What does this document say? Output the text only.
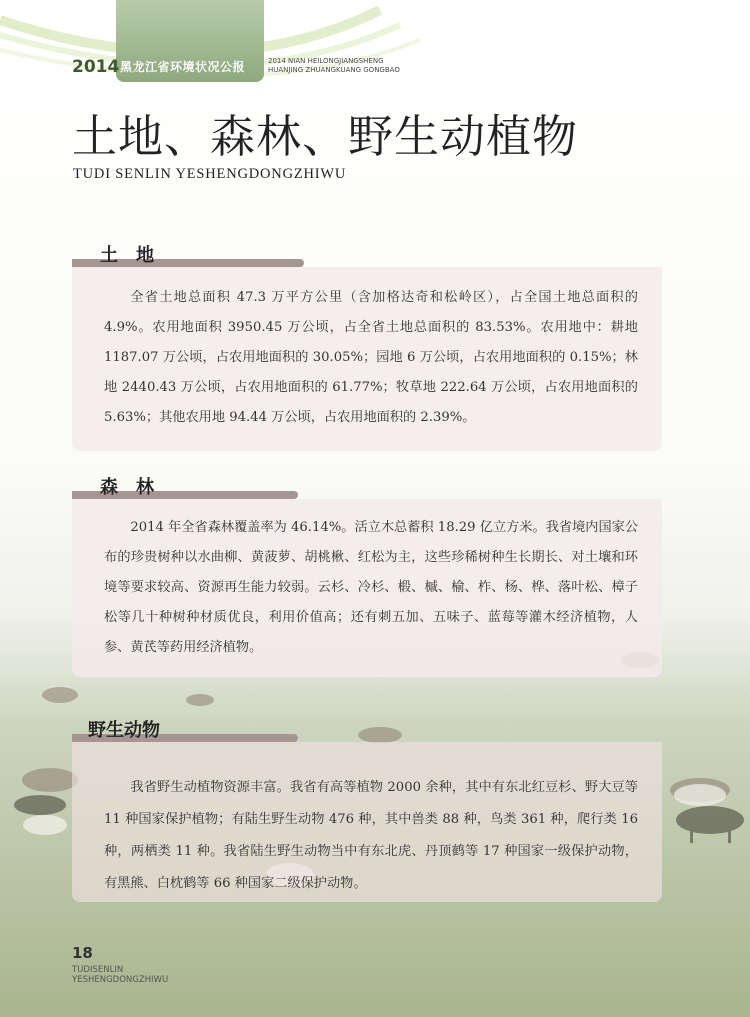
2014 黑龙江省环境状况公报	2014 NIAN HEILONGJIANGSHENG
HUANJING ZHUANGKUANG GONGBAO
土地、森林、野生动植物
TUDI SENLIN YESHENGDONGZHIWU
土　地

全省土地总面积 47.3 万平方公里（含加格达奇和松岭区），占全国土地总面积的 4.9%。农用地面积 3950.45 万公顷，占全省土地总面积的 83.53%。农用地中：耕地 1187.07 万公顷，占农用地面积的 30.05%；园地 6 万公顷，占农用地面积的 0.15%；林地 2440.43 万公顷，占农用地面积的 61.77%；牧草地 222.64 万公顷，占农用地面积的 5.63%；其他农用地 94.44 万公顷，占农用地面积的 2.39%。

森　林

2014 年全省森林覆盖率为 46.14%。活立木总蓄积 18.29 亿立方米。我省境内国家公布的珍贵树种以水曲柳、黄菠萝、胡桃楸、红松为主，这些珍稀树种生长期长、对土壤和环境等要求较高、资源再生能力较弱。云杉、冷杉、椴、槭、榆、柞、杨、桦、落叶松、樟子松等几十种树种材质优良，利用价值高；还有刺五加、五味子、蓝莓等灌木经济植物，人参、黄芪等药用经济植物。

野生动物

我省野生动植物资源丰富。我省有高等植物 2000 余种，其中有东北红豆杉、野大豆等 11 种国家保护植物；有陆生野生动物 476 种，其中兽类 88 种，鸟类 361 种，爬行类 16 种，两栖类 11 种。我省陆生野生动物当中有东北虎、丹顶鹤等 17 种国家一级保护动物，有黑熊、白枕鹤等 66 种国家二级保护动物。

18
TUDISENLIN
YESHENGDONGZHIWU
